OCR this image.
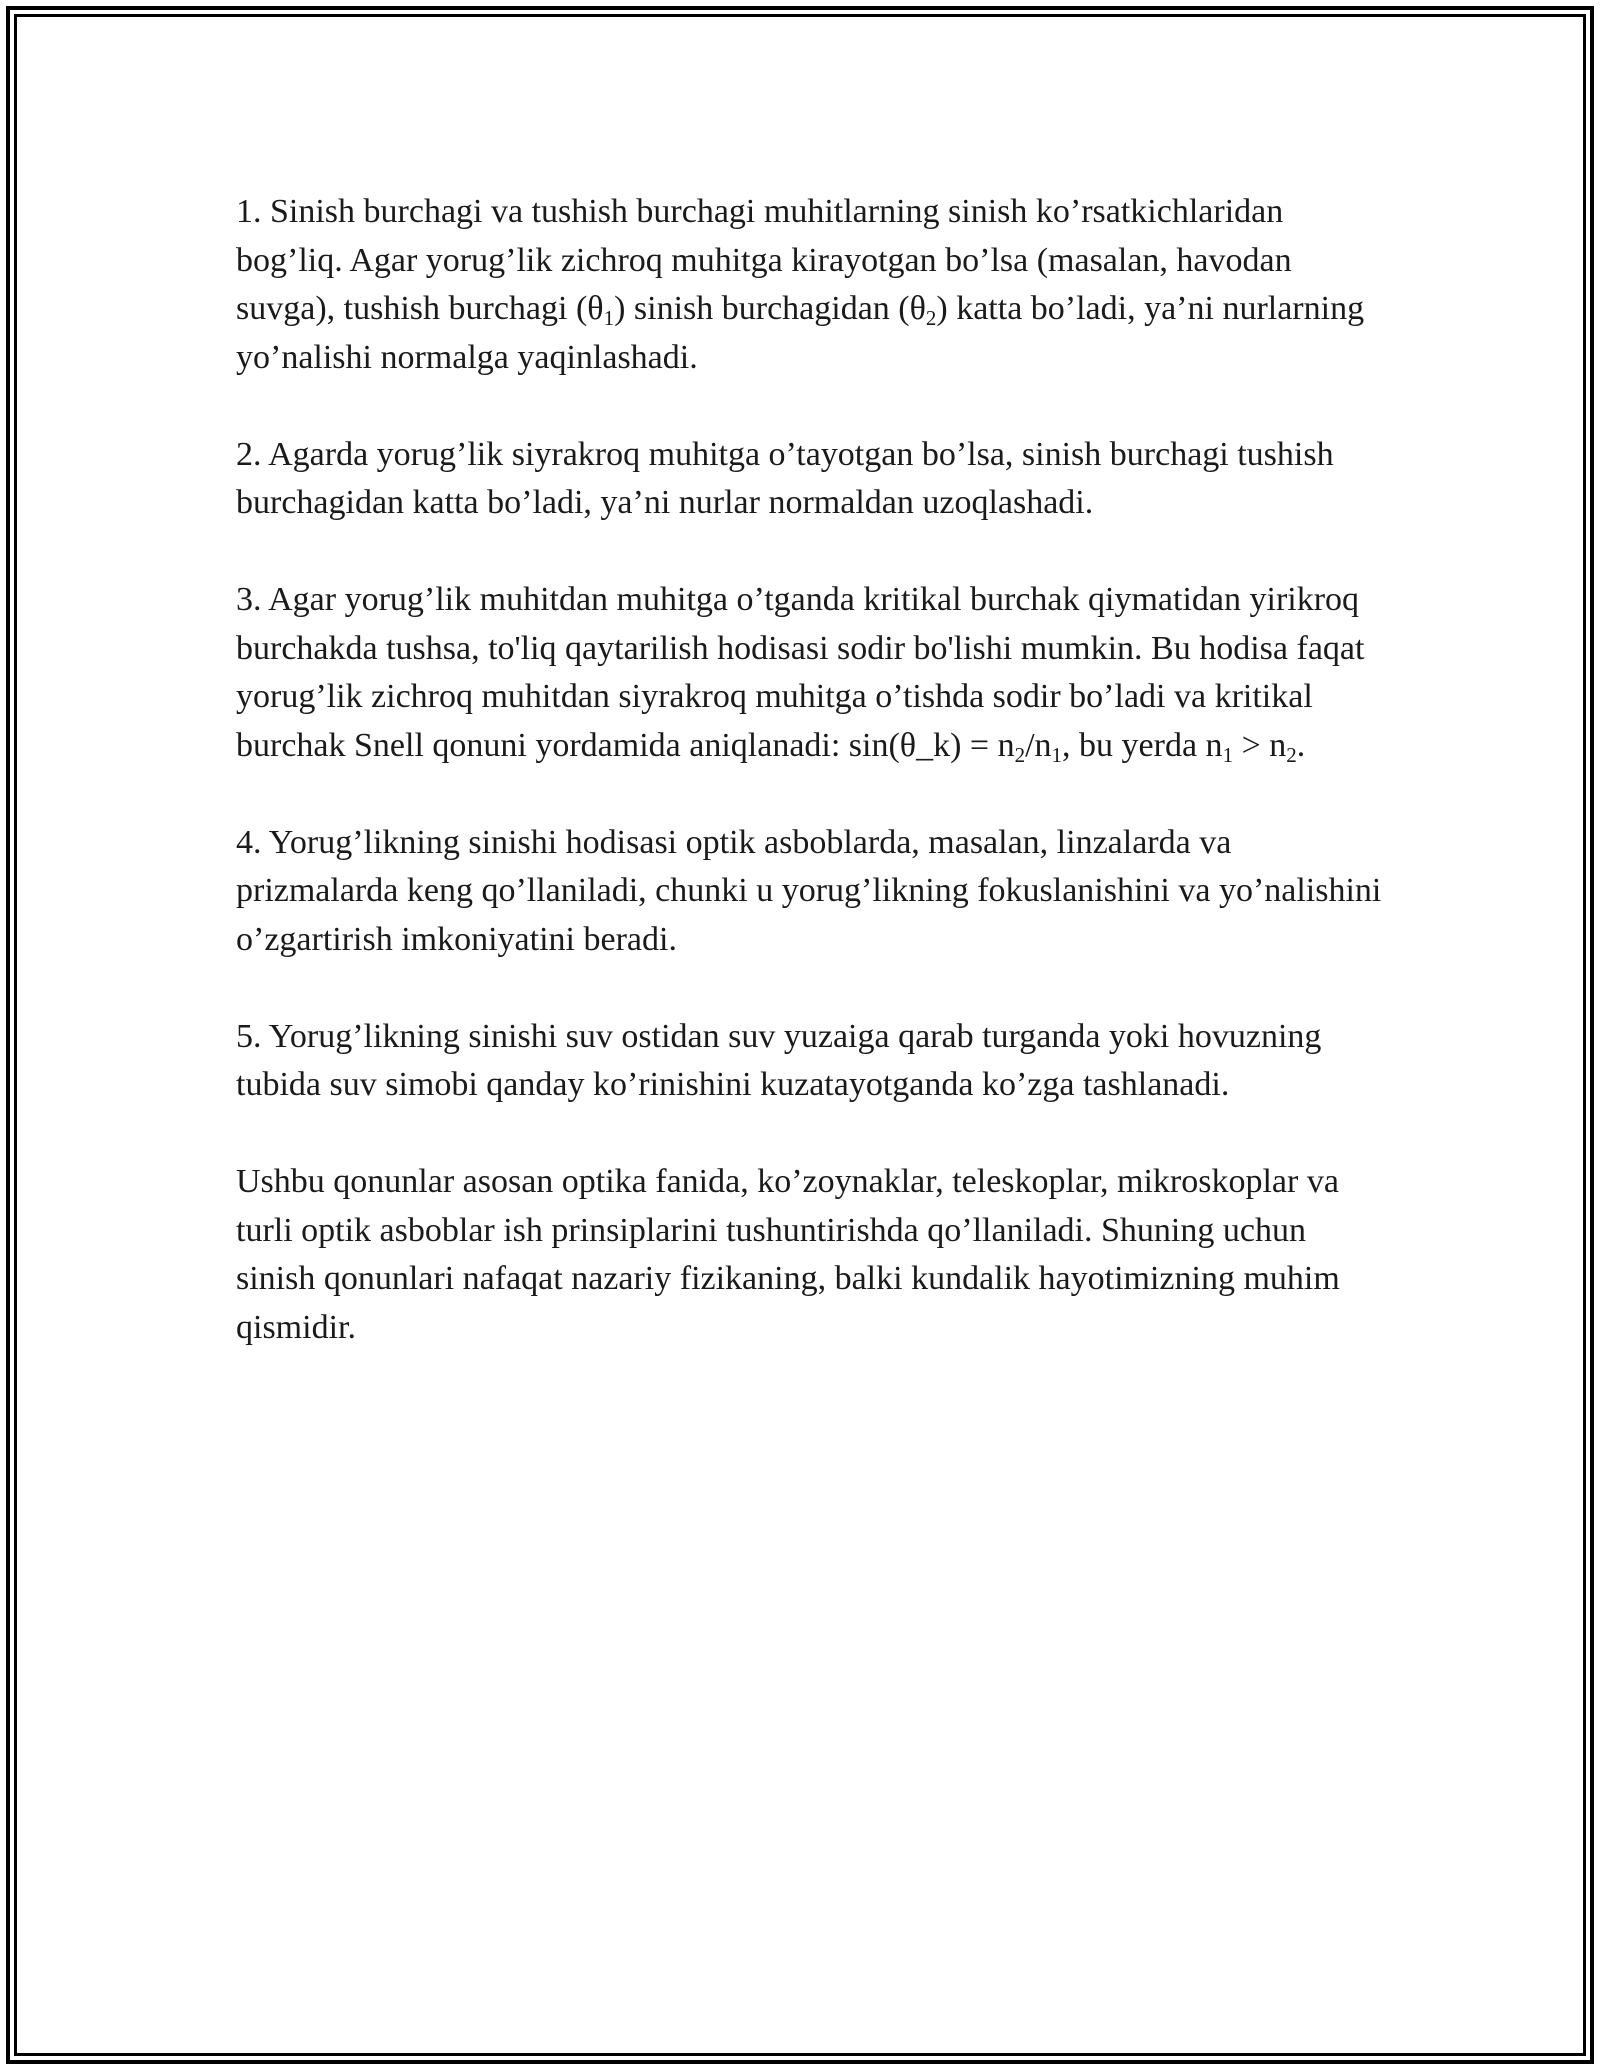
1. Sinish burchagi va tushish burchagi muhitlarning sinish ko’rsatkichlaridan bog’liq. Agar yorug’lik zichroq muhitga kirayotgan bo’lsa (masalan, havodan suvga), tushish burchagi $(\theta_1)$ sinish burchagidan $(\theta_2)$ katta bo’ladi, ya’ni nurlarning yo’nalishi normalga yaqinlashadi.

2. Agarda yorug’lik siyrakroq muhitga o’tayotgan bo’lsa, sinish burchagi tushish burchagidan katta bo’ladi, ya’ni nurlar normaldan uzoqlashadi.

3. Agar yorug’lik muhitdan muhitga o’tganda kritikal burchak qiymatidan yirikroq burchakda tushsa, to'liq qaytarilish hodisasi sodir bo'lishi mumkin. Bu hodisa faqat yorug’lik zichroq muhitdan siyrakroq muhitga o’tishda sodir bo’ladi va kritikal burchak Snell qonuni yordamida aniqlanadi: sin(θ_k) = $n_2/n_1$, bu yerda $n_1 > n_2$.

4. Yorug’likning sinishi hodisasi optik asboblarda, masalan, linzalarda va prizmalarda keng qo’llaniladi, chunki u yorug’likning fokuslanishini va yo’nalishini o’zgartirish imkoniyatini beradi.

5. Yorug’likning sinishi suv ostidan suv yuzaiga qarab turganda yoki hovuzning tubida suv simobi qanday ko’rinishini kuzatayotganda ko’zga tashlanadi.

Ushbu qonunlar asosan optika fanida, ko’zoynaklar, teleskoplar, mikroskoplar va turli optik asboblar ish prinsiplarini tushuntirishda qo’llaniladi. Shuning uchun sinish qonunlari nafaqat nazariy fizikaning, balki kundalik hayotimizning muhim qismidir.
